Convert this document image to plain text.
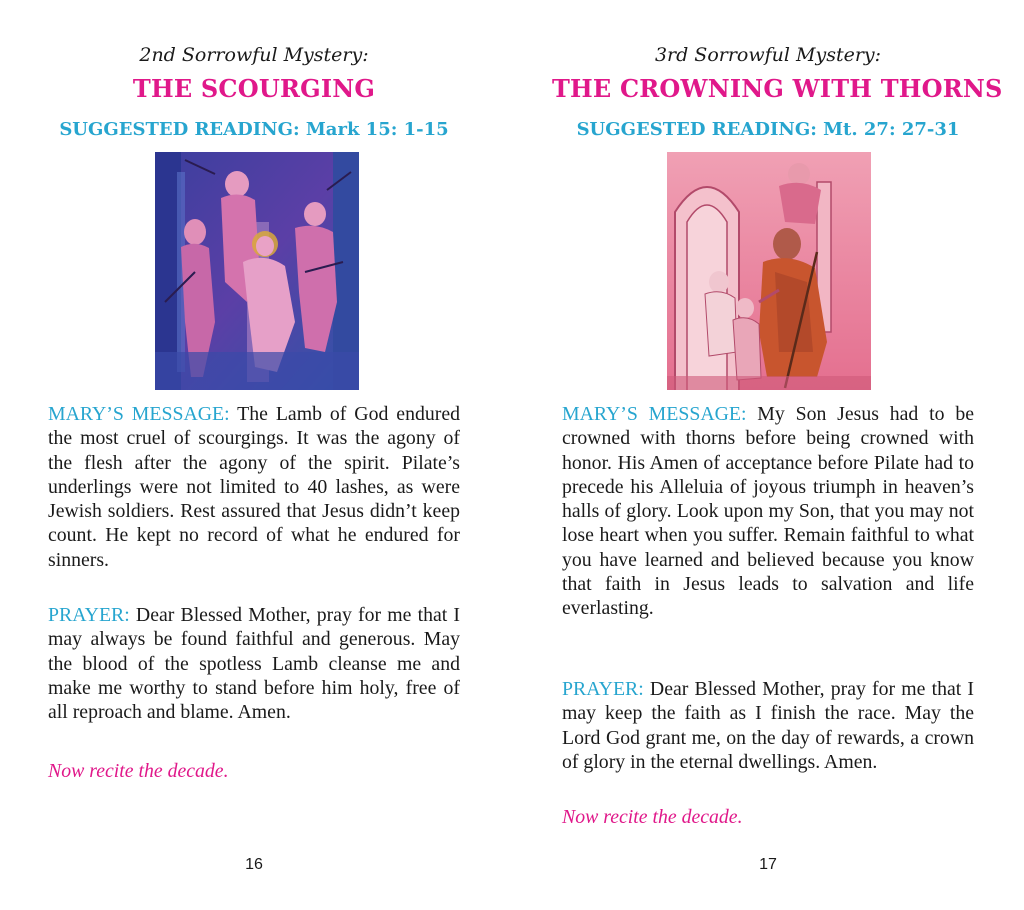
2nd Sorrowful Mystery:
THE SCOURGING
SUGGESTED READING: Mark 15: 1-15
MARY’S MESSAGE: The Lamb of God endured the most cruel of scourgings. It was the agony of the flesh after the agony of the spirit. Pilate’s underlings were not limited to 40 lashes, as were Jewish soldiers. Rest assured that Jesus didn’t keep count. He kept no record of what he endured for sinners.
PRAYER: Dear Blessed Mother, pray for me that I may always be found faithful and generous. May the blood of the spotless Lamb cleanse me and make me worthy to stand before him holy, free of all reproach and blame. Amen.
Now recite the decade.
16
3rd Sorrowful Mystery:
THE CROWNING WITH THORNS
SUGGESTED READING: Mt. 27: 27-31
MARY’S MESSAGE: My Son Jesus had to be crowned with thorns before being crowned with honor. His Amen of acceptance before Pilate had to precede his Alleluia of joyous triumph in heaven’s halls of glory. Look upon my Son, that you may not lose heart when you suffer. Remain faithful to what you have learned and believed because you know that faith in Jesus leads to salvation and life everlasting.
PRAYER: Dear Blessed Mother, pray for me that I may keep the faith as I finish the race. May the Lord God grant me, on the day of rewards, a crown of glory in the eternal dwellings. Amen.
Now recite the decade.
17
